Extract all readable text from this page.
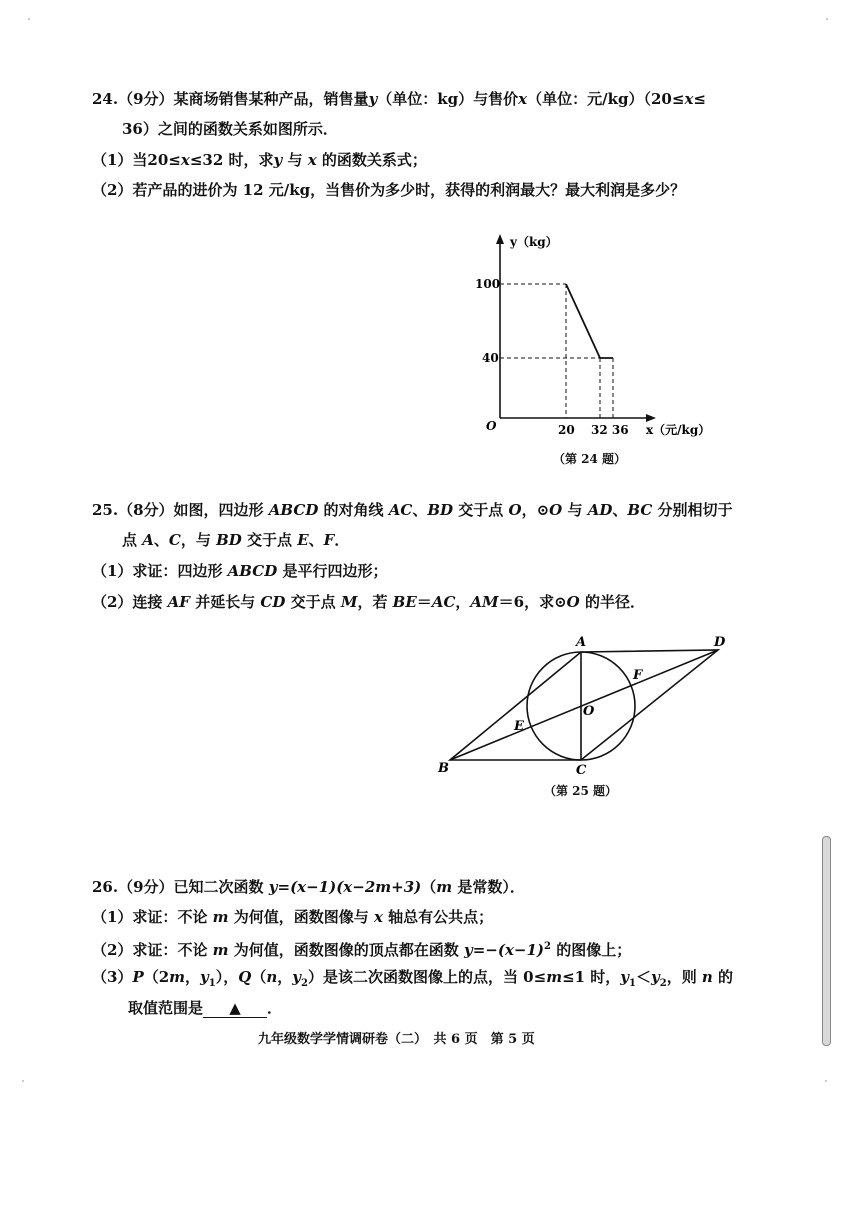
24.（9分）某商场销售某种产品，销售量y（单位：kg）与售价x（单位：元/kg）（20≤x≤
36）之间的函数关系如图所示．
（1）当20≤x≤32 时，求y 与 x 的函数关系式；
（2）若产品的进价为 12 元/kg，当售价为多少时，获得的利润最大？最大利润是多少？
y（kg）
x（元/kg）
O
100
40
20 32 36
（第 24 题）
25.（8分）如图，四边形 ABCD 的对角线 AC、BD 交于点 O，⊙O 与 AD、BC 分别相切于
点 A、C，与 BD 交于点 E、F．
（1）求证：四边形 ABCD 是平行四边形；
（2）连接 AF 并延长与 CD 交于点 M，若 BE＝AC，AM＝6，求⊙O 的半径．
A	D
B	C
E
F
O
（第 25 题）
26.（9分）已知二次函数 y=(x−1)(x−2m+3)（m 是常数）．
（1）求证：不论 m 为何值，函数图像与 x 轴总有公共点；
（2）求证：不论 m 为何值，函数图像的顶点都在函数 $y=-(x-1)^2$ 的图像上；
（3）P（2m，$y_1$），Q（n，$y_2$）是该二次函数图像上的点，当 0≤m≤1 时，$y_1<y_2$，则 n 的
取值范围是 ▲ ．
九年级数学学情调研卷（二）　共 6 页　第 5 页
